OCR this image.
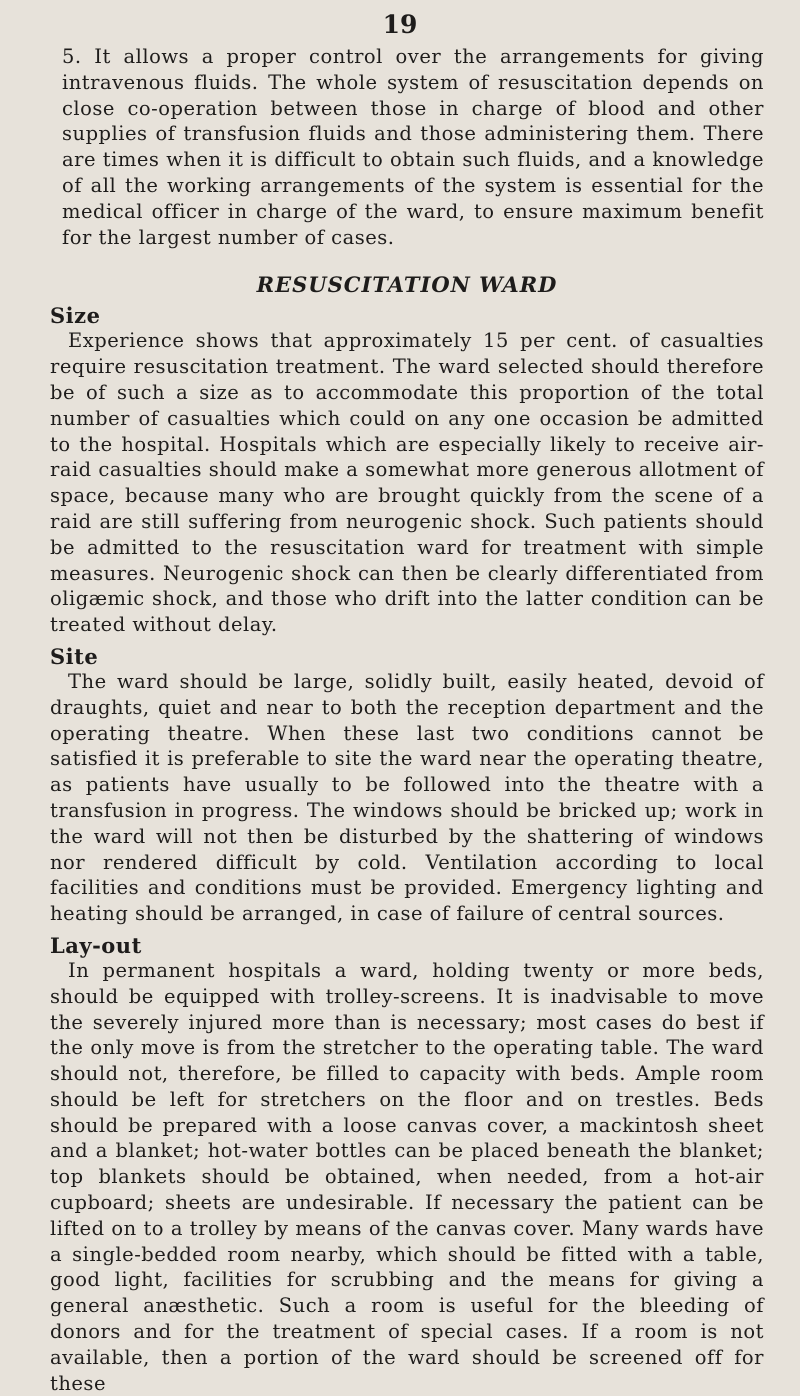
19

5. It allows a proper control over the arrangements for giving intravenous fluids. The whole system of resuscitation depends on close co-operation between those in charge of blood and other supplies of transfusion fluids and those administering them. There are times when it is difficult to obtain such fluids, and a knowledge of all the working arrangements of the system is essential for the medical officer in charge of the ward, to ensure maximum benefit for the largest number of cases.

RESUSCITATION WARD
Size

Experience shows that approximately 15 per cent. of casualties require resuscitation treatment. The ward selected should therefore be of such a size as to accommodate this proportion of the total number of casualties which could on any one occasion be admitted to the hospital. Hospitals which are especially likely to receive air-raid casualties should make a somewhat more generous allotment of space, because many who are brought quickly from the scene of a raid are still suffering from neurogenic shock. Such patients should be admitted to the resuscitation ward for treatment with simple measures. Neurogenic shock can then be clearly differentiated from oligæmic shock, and those who drift into the latter condition can be treated without delay.

Site

The ward should be large, solidly built, easily heated, devoid of draughts, quiet and near to both the reception department and the operating theatre. When these last two conditions cannot be satisfied it is preferable to site the ward near the operating theatre, as patients have usually to be followed into the theatre with a transfusion in progress. The windows should be bricked up; work in the ward will not then be disturbed by the shattering of windows nor rendered difficult by cold. Ventilation according to local facilities and conditions must be provided. Emergency lighting and heating should be arranged, in case of failure of central sources.

Lay-out

In permanent hospitals a ward, holding twenty or more beds, should be equipped with trolley-screens. It is inadvisable to move the severely injured more than is necessary; most cases do best if the only move is from the stretcher to the operating table. The ward should not, therefore, be filled to capacity with beds. Ample room should be left for stretchers on the floor and on trestles. Beds should be prepared with a loose canvas cover, a mackintosh sheet and a blanket; hot-water bottles can be placed beneath the blanket; top blankets should be obtained, when needed, from a hot-air cupboard; sheets are undesirable. If necessary the patient can be lifted on to a trolley by means of the canvas cover. Many wards have a single-bedded room nearby, which should be fitted with a table, good light, facilities for scrubbing and the means for giving a general anæsthetic. Such a room is useful for the bleeding of donors and for the treatment of special cases. If a room is not available, then a portion of the ward should be screened off for these
